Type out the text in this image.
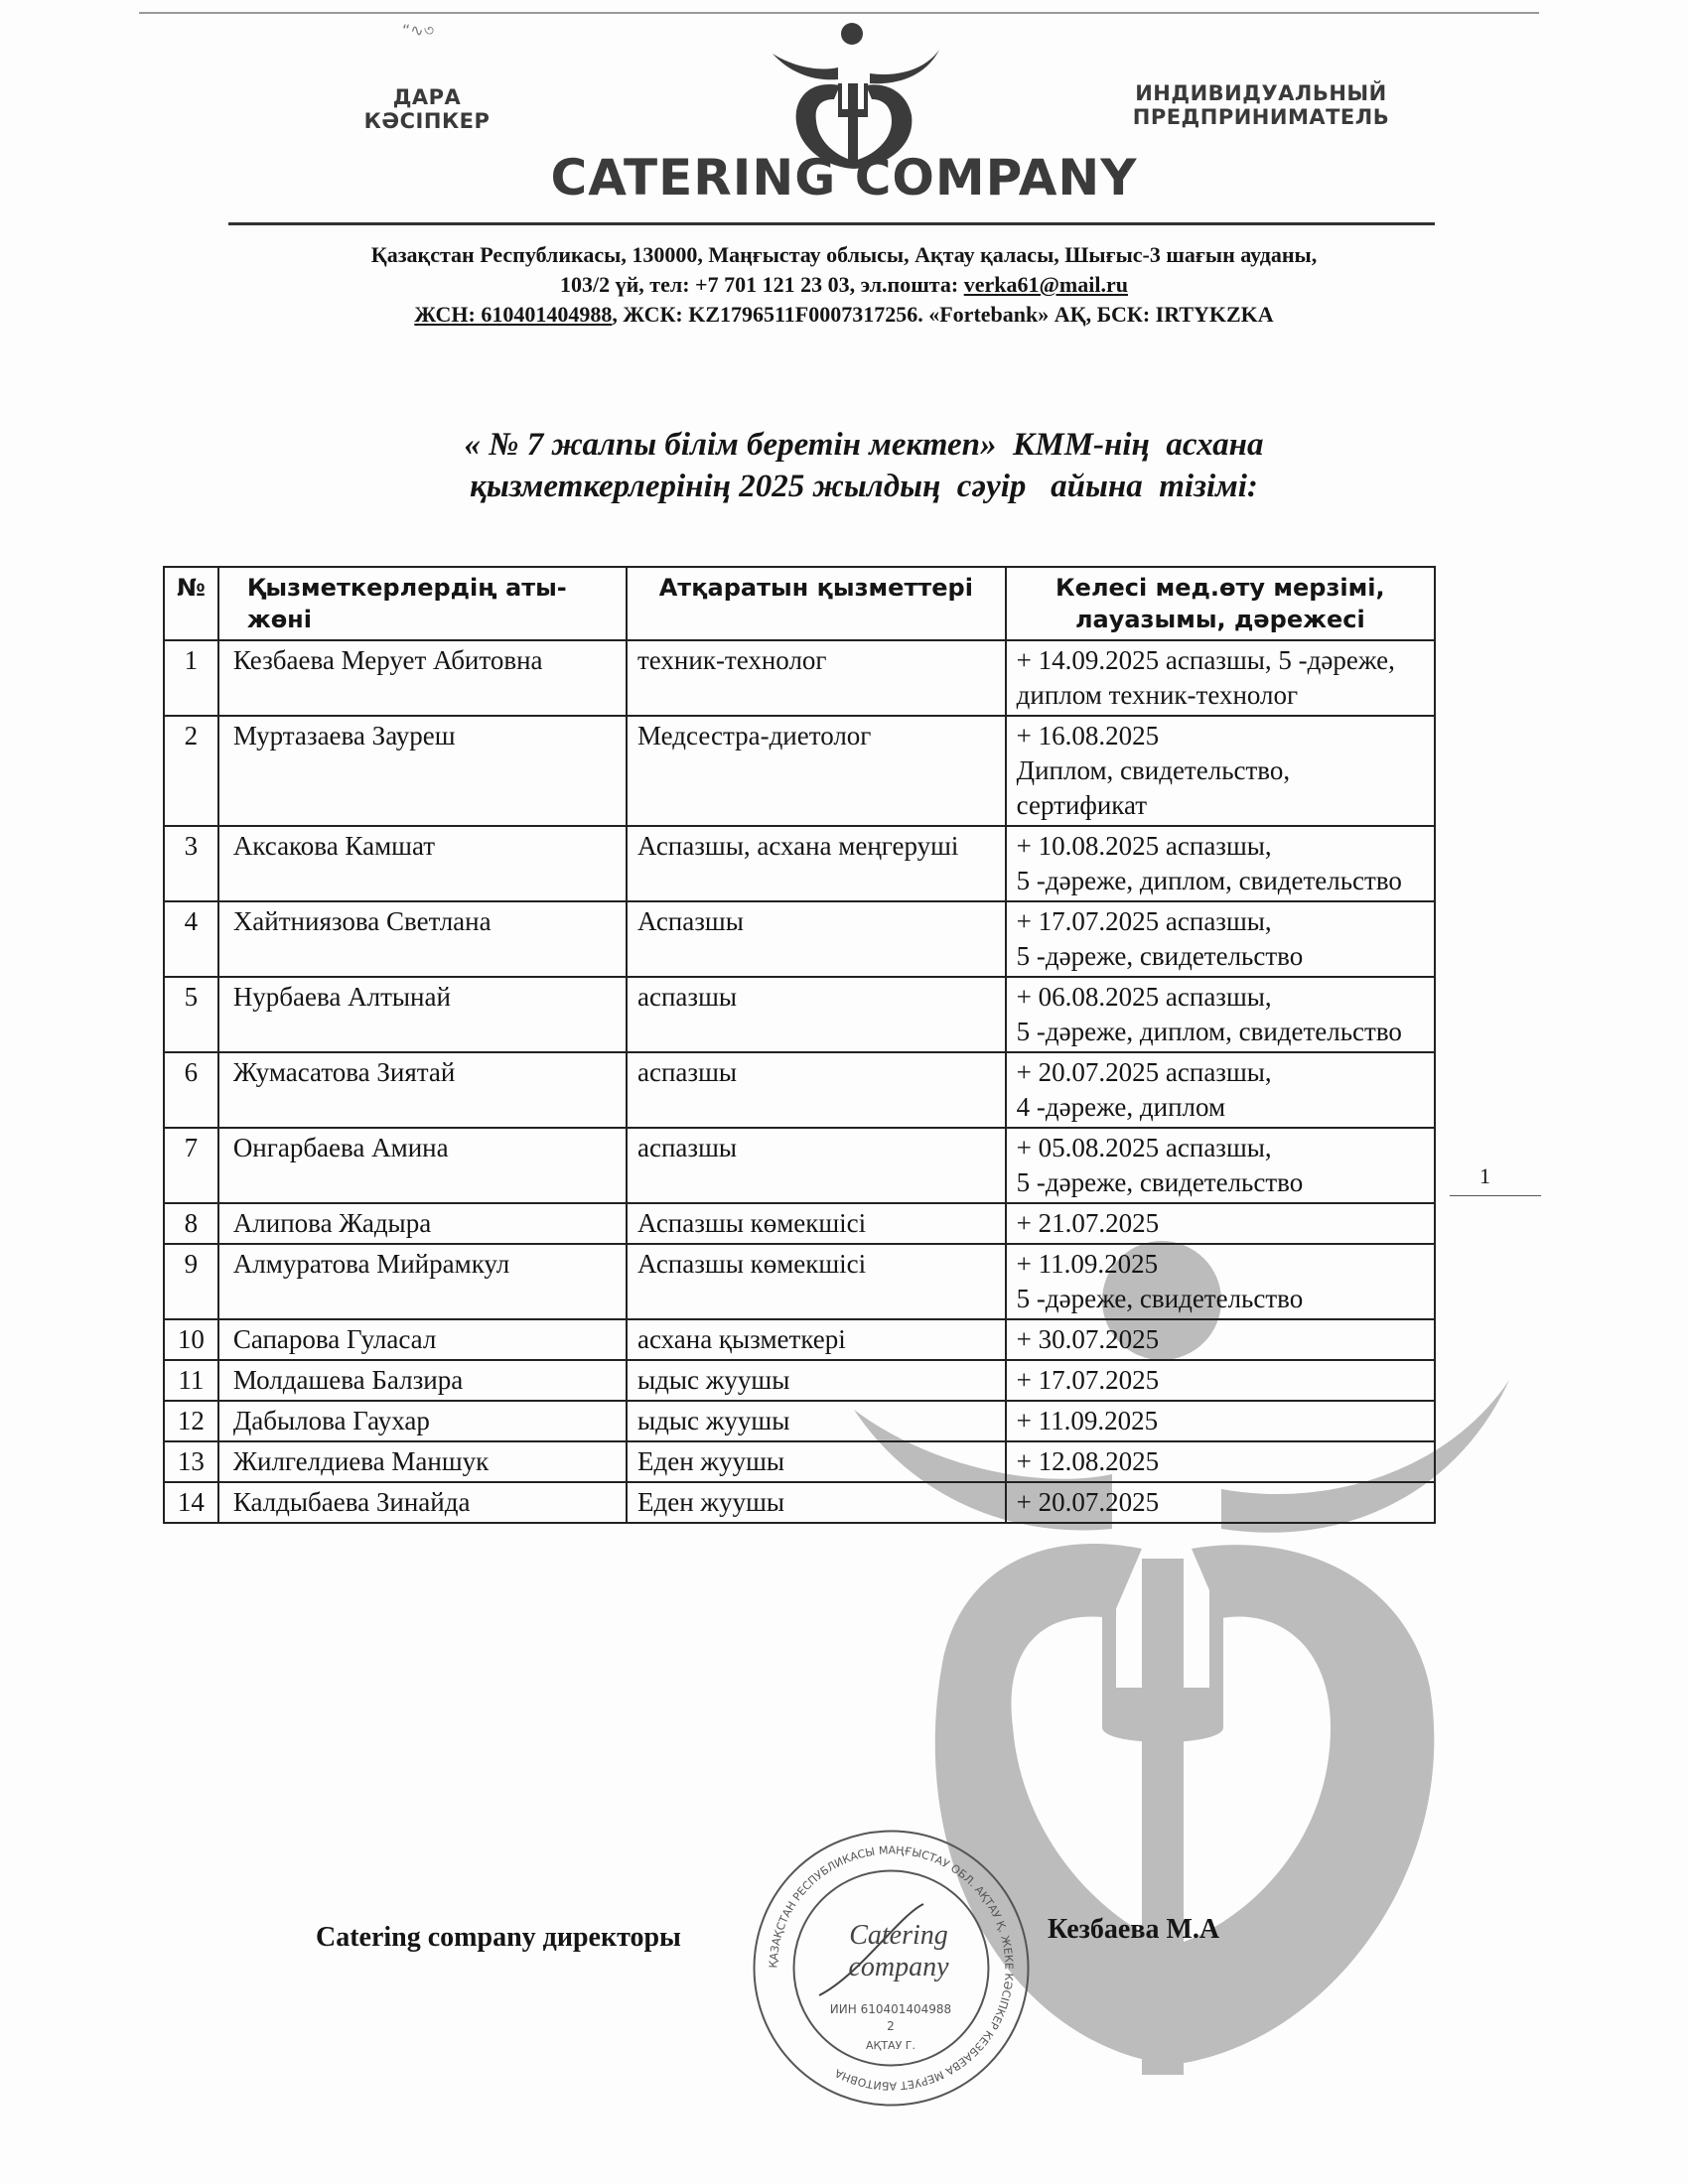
“∿৩
ДАРА
КӘСІПКЕР
ИНДИВИДУАЛЬНЫЙ
ПРЕДПРИНИМАТЕЛЬ
CATERING COMPANY
Қазақстан Республикасы, 130000, Маңғыстау облысы, Ақтау қаласы, Шығыс-3 шағын ауданы,
103/2 үй, тел: +7 701 121 23 03, эл.пошта: verka61@mail.ru
ЖСН: 610401404988, ЖСК: KZ1796511F0007317256. «Fortebank» АҚ, БСК: IRTYKZKA
« № 7 жалпы білім беретін мектеп»  КММ-нің  асхана
қызметкерлерінің 2025 жылдың  сәуір   айына  тізімі:
№	Қызметкерлердің аты-жөні	Атқаратын қызметтері	Келесі мед.өту мерзімі, лауазымы, дәрежесі
1	Кезбаева Мерует Абитовна	техник-технолог	+ 14.09.2025 аспазшы, 5 -дәреже, диплом техник-технолог
2	Муртазаева Зауреш	Медсестра-диетолог	+ 16.08.2025
Диплом, свидетельство, сертификат
3	Аксакова Камшат	Аспазшы, асхана меңгеруші	+ 10.08.2025 аспазшы,
5 -дәреже, диплом, свидетельство
4	Хайтниязова Светлана	Аспазшы	+ 17.07.2025 аспазшы,
5 -дәреже, свидетельство
5	Нурбаева Алтынай	аспазшы	+ 06.08.2025 аспазшы,
5 -дәреже, диплом, свидетельство
6	Жумасатова Зиятай	аспазшы	+ 20.07.2025 аспазшы,
4 -дәреже, диплом
7	Онгарбаева Амина	аспазшы	+ 05.08.2025 аспазшы,
5 -дәреже, свидетельство
8	Алипова Жадыра	Аспазшы көмекшісі	+ 21.07.2025
9	Алмуратова Мийрамкул	Аспазшы көмекшісі	+ 11.09.2025
5 -дәреже, свидетельство
10	Сапарова Гуласал	асхана қызметкері	+ 30.07.2025
11	Молдашева Балзира	ыдыс жуушы	+ 17.07.2025
12	Дабылова Гаухар	ыдыс жуушы	+ 11.09.2025
13	Жилгелдиева Маншук	Еден жуушы	+ 12.08.2025
14	Калдыбаева Зинайда	Еден жуушы	+ 20.07.2025
1
Catering company директоры	Кезбаева М.А
ҚАЗАҚСТАН РЕСПУБЛИКАСЫ МАҢҒЫСТАУ ОБЛ. АҚТАУ Қ. ЖЕКЕ КӘСІПКЕР КЕЗБАЕВА МЕРУЕТ АБИТОВНА
Catering
company
ИИН 610401404988
2
АҚТАУ Г.
